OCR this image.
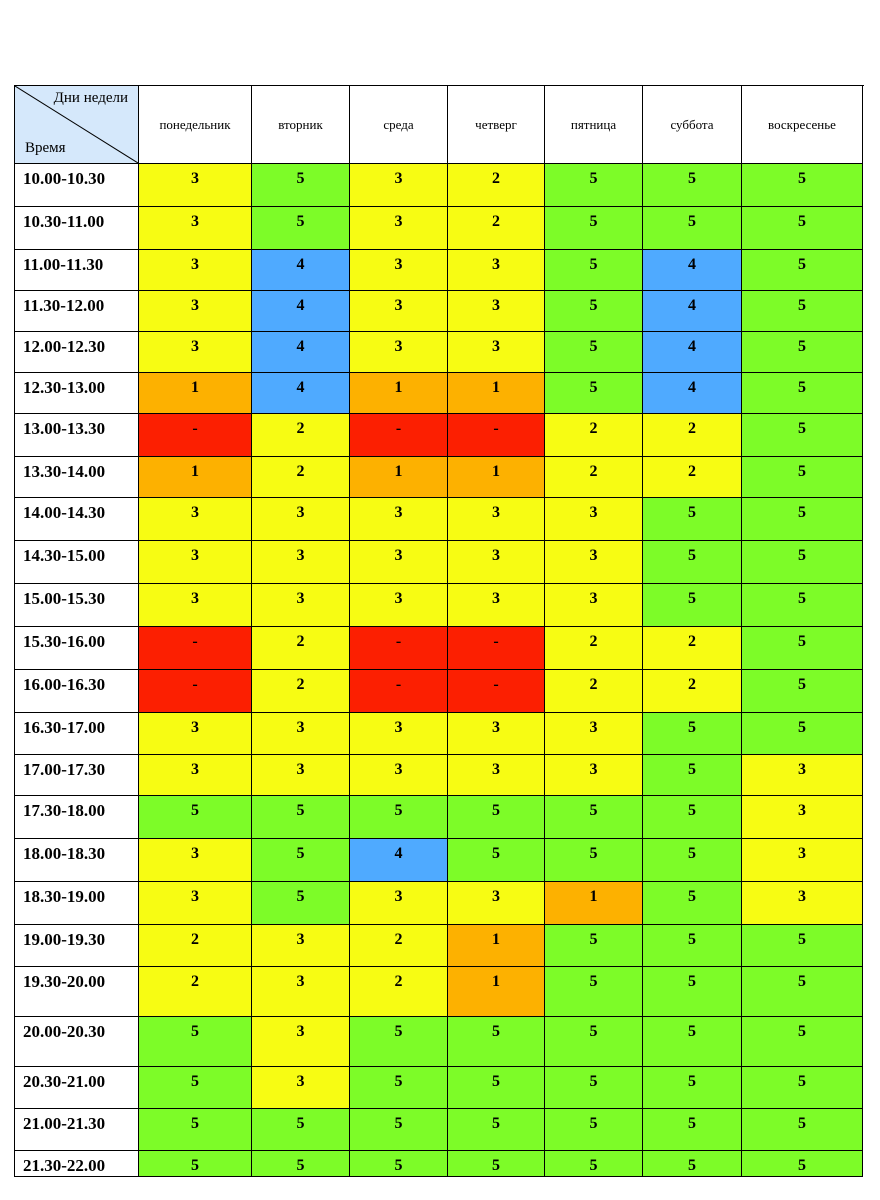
Дни недели
Время
понедельник	вторник	среда	четверг	пятница	суббота	воскресенье
10.00-10.30	3	5	3	2	5	5	5
10.30-11.00	3	5	3	2	5	5	5
11.00-11.30	3	4	3	3	5	4	5
11.30-12.00	3	4	3	3	5	4	5
12.00-12.30	3	4	3	3	5	4	5
12.30-13.00	1	4	1	1	5	4	5
13.00-13.30	-	2	-	-	2	2	5
13.30-14.00	1	2	1	1	2	2	5
14.00-14.30	3	3	3	3	3	5	5
14.30-15.00	3	3	3	3	3	5	5
15.00-15.30	3	3	3	3	3	5	5
15.30-16.00	-	2	-	-	2	2	5
16.00-16.30	-	2	-	-	2	2	5
16.30-17.00	3	3	3	3	3	5	5
17.00-17.30	3	3	3	3	3	5	3
17.30-18.00	5	5	5	5	5	5	3
18.00-18.30	3	5	4	5	5	5	3
18.30-19.00	3	5	3	3	1	5	3
19.00-19.30	2	3	2	1	5	5	5
19.30-20.00	2	3	2	1	5	5	5
20.00-20.30	5	3	5	5	5	5	5
20.30-21.00	5	3	5	5	5	5	5
21.00-21.30	5	5	5	5	5	5	5
21.30-22.00	5	5	5	5	5	5	5
